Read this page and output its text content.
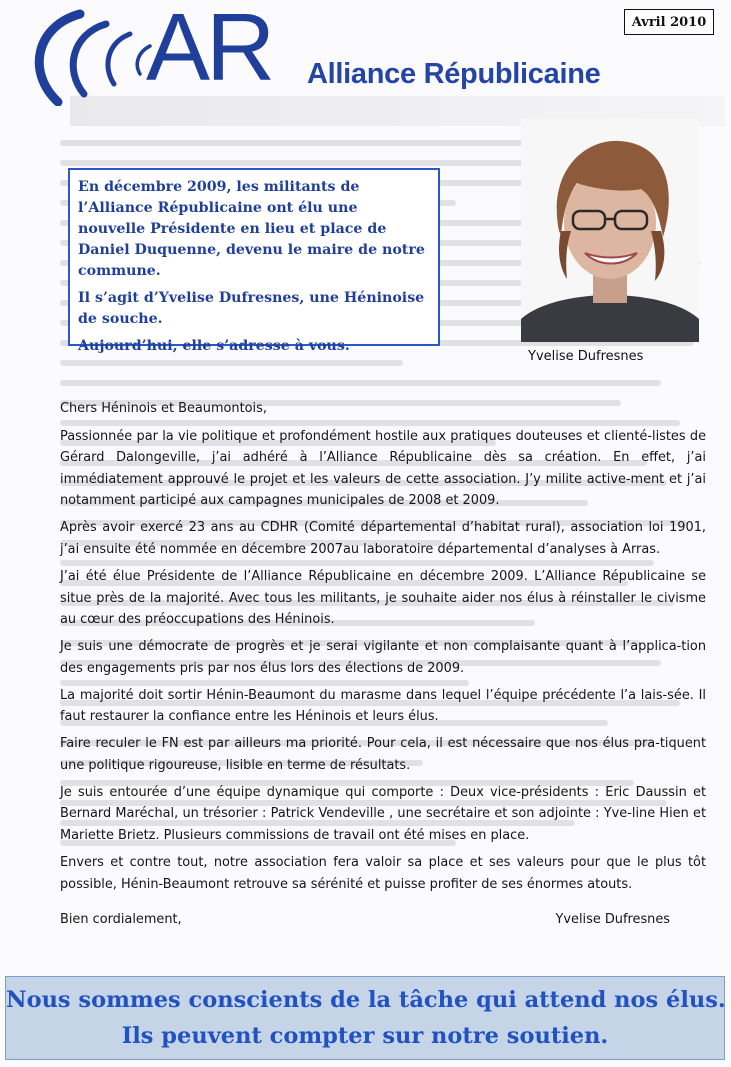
Avril 2010
AR Alliance Républicaine

En décembre 2009, les militants de l’Alliance Républicaine ont élu une nouvelle Présidente en lieu et place de Daniel Duquenne, devenu le maire de notre commune.

Il s’agit d’Yvelise Dufresnes, une Héninoise de souche.

Aujourd’hui, elle s’adresse à vous.

Yvelise Dufresnes

Chers Héninois et Beaumontois,

Passionnée par la vie politique et profondément hostile aux pratiques douteuses et clienté-listes de Gérard Dalongeville, j’ai adhéré à l’Alliance Républicaine dès sa création. En effet, j’ai immédiatement approuvé le projet et les valeurs de cette association. J’y milite active-ment et j’ai notamment participé aux campagnes municipales de 2008 et 2009.

Après avoir exercé 23 ans au CDHR (Comité départemental d’habitat rural), association loi 1901, j’ai ensuite été nommée en décembre 2007au laboratoire départemental d’analyses à Arras.

J’ai été élue Présidente de l’Alliance Républicaine en décembre 2009. L’Alliance Républicaine se situe près de la majorité. Avec tous les militants, je souhaite aider nos élus à réinstaller le civisme au cœur des préoccupations des Héninois.

Je suis une démocrate de progrès et je serai vigilante et non complaisante quant à l’applica-tion des engagements pris par nos élus lors des élections de 2009.

La majorité doit sortir Hénin-Beaumont du marasme dans lequel l’équipe précédente l’a lais-sée. Il faut restaurer la confiance entre les Héninois et leurs élus.

Faire reculer le FN est par ailleurs ma priorité. Pour cela, il est nécessaire que nos élus pra-tiquent une politique rigoureuse, lisible en terme de résultats.

Je suis entourée d’une équipe dynamique qui comporte : Deux vice-présidents : Eric Daussin et Bernard Maréchal, un trésorier : Patrick Vendeville , une secrétaire et son adjointe : Yve-line Hien et Mariette Brietz. Plusieurs commissions de travail ont été mises en place.

Envers et contre tout, notre association fera valoir sa place et ses valeurs pour que le plus tôt possible, Hénin-Beaumont retrouve sa sérénité et puisse profiter de ses énormes atouts.

Bien cordialement,	Yvelise Dufresnes
Nous sommes conscients de la tâche qui attend nos élus.
Ils peuvent compter sur notre soutien.
